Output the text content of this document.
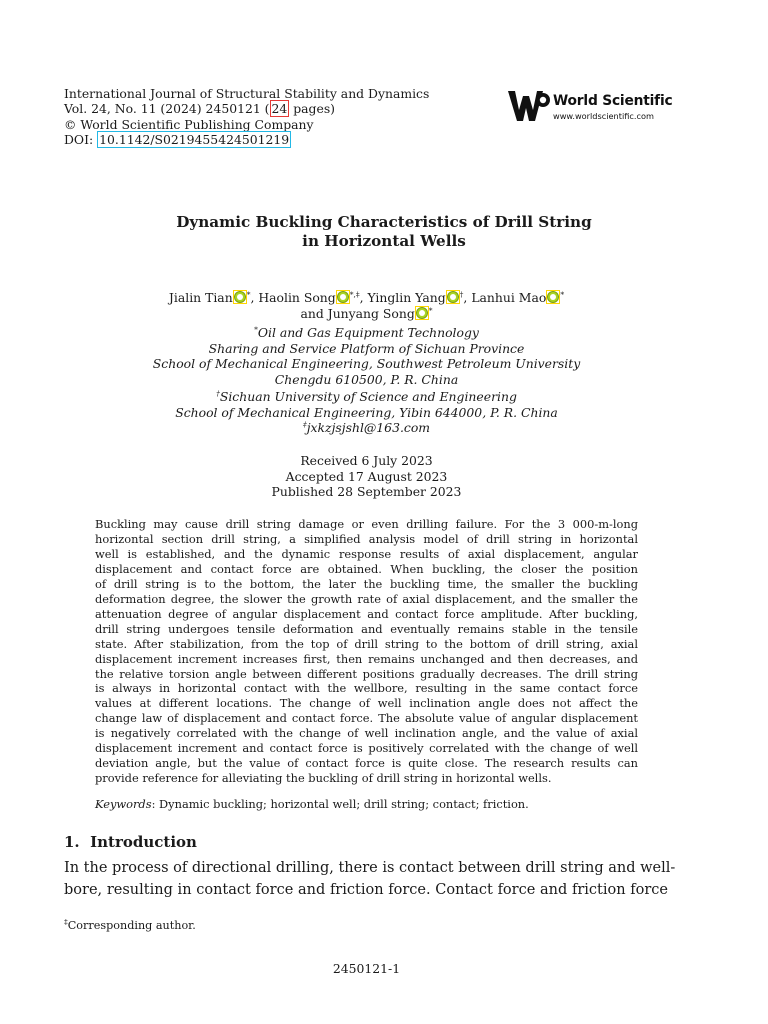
International Journal of Structural Stability and Dynamics
Vol. 24, No. 11 (2024) 2450121 ( 24 pages)
© World Scientific Publishing Company
DOI: 10.1142/S0219455424501219
World Scientific
www.worldscientific.com
Dynamic Buckling Characteristics of Drill String
in Horizontal Wells
Jialin Tian *, Haolin Song *,‡, Yinglin Yang †, Lanhui Mao *
and Junyang Song *
*Oil and Gas Equipment Technology
Sharing and Service Platform of Sichuan Province
School of Mechanical Engineering, Southwest Petroleum University
Chengdu 610500, P. R. China
†Sichuan University of Science and Engineering
School of Mechanical Engineering, Yibin 644000, P. R. China
‡jxkzjsjshl@163.com
Received 6 July 2023
Accepted 17 August 2023
Published 28 September 2023
Buckling may cause drill string damage or even drilling failure. For the 3 000-m-long
horizontal section drill string, a simplified analysis model of drill string in horizontal
well is established, and the dynamic response results of axial displacement, angular
displacement and contact force are obtained. When buckling, the closer the position
of drill string is to the bottom, the later the buckling time, the smaller the buckling
deformation degree, the slower the growth rate of axial displacement, and the smaller the
attenuation degree of angular displacement and contact force amplitude. After buckling,
drill string undergoes tensile deformation and eventually remains stable in the tensile
state. After stabilization, from the top of drill string to the bottom of drill string, axial
displacement increment increases first, then remains unchanged and then decreases, and
the relative torsion angle between different positions gradually decreases. The drill string
is always in horizontal contact with the wellbore, resulting in the same contact force
values at different locations. The change of well inclination angle does not affect the
change law of displacement and contact force. The absolute value of angular displacement
is negatively correlated with the change of well inclination angle, and the value of axial
displacement increment and contact force is positively correlated with the change of well
deviation angle, but the value of contact force is quite close. The research results can
provide reference for alleviating the buckling of drill string in horizontal wells.
Keywords: Dynamic buckling; horizontal well; drill string; contact; friction.
1. Introduction
In the process of directional drilling, there is contact between drill string and well-
bore, resulting in contact force and friction force. Contact force and friction force
‡Corresponding author.
2450121-1
